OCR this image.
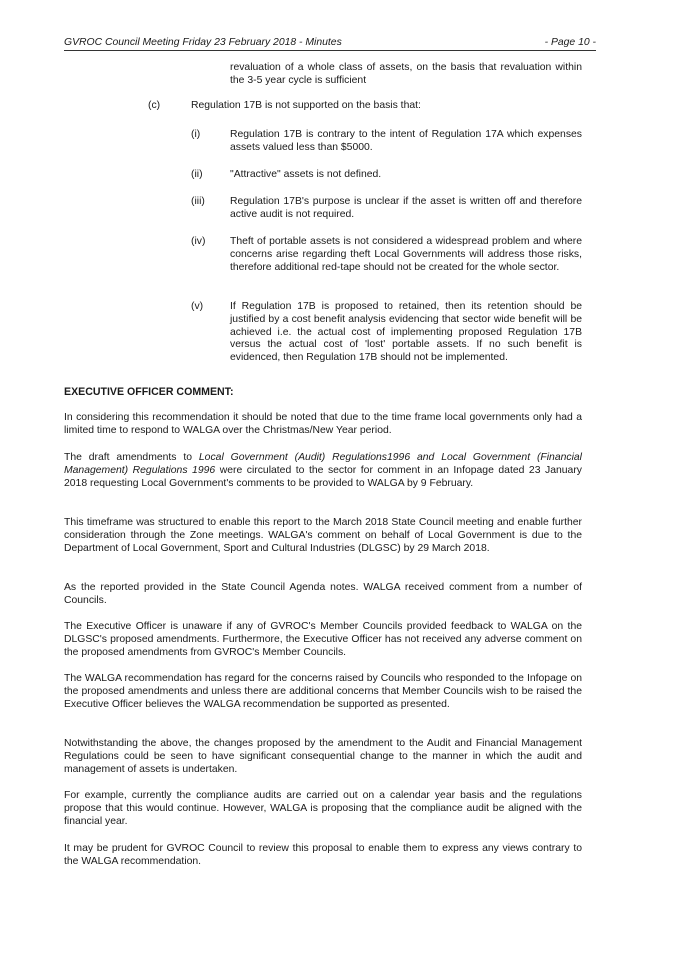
GVROC Council Meeting Friday 23 February 2018 - Minutes	- Page 10 -
revaluation of a whole class of assets, on the basis that revaluation within the 3-5 year cycle is sufficient
(c)	Regulation 17B is not supported on the basis that:
(i)	Regulation 17B is contrary to the intent of Regulation 17A which expenses assets valued less than $5000.
(ii)	"Attractive" assets is not defined.
(iii) Regulation 17B's purpose is unclear if the asset is written off and therefore active audit is not required.
(iv) Theft of portable assets is not considered a widespread problem and where concerns arise regarding theft Local Governments will address those risks, therefore additional red-tape should not be created for the whole sector.
(v)	If Regulation 17B is proposed to retained, then its retention should be justified by a cost benefit analysis evidencing that sector wide benefit will be achieved i.e. the actual cost of implementing proposed Regulation 17B versus the actual cost of 'lost' portable assets. If no such benefit is evidenced, then Regulation 17B should not be implemented.
EXECUTIVE OFFICER COMMENT:
In considering this recommendation it should be noted that due to the time frame local governments only had a limited time to respond to WALGA over the Christmas/New Year period.
The draft amendments to Local Government (Audit) Regulations1996 and Local Government (Financial Management) Regulations 1996 were circulated to the sector for comment in an Infopage dated 23 January 2018 requesting Local Government's comments to be provided to WALGA by 9 February.
This timeframe was structured to enable this report to the March 2018 State Council meeting and enable further consideration through the Zone meetings. WALGA's comment on behalf of Local Government is due to the Department of Local Government, Sport and Cultural Industries (DLGSC) by 29 March 2018.
As the reported provided in the State Council Agenda notes. WALGA received comment from a number of Councils.
The Executive Officer is unaware if any of GVROC's Member Councils provided feedback to WALGA on the DLGSC's proposed amendments. Furthermore, the Executive Officer has not received any adverse comment on the proposed amendments from GVROC's Member Councils.
The WALGA recommendation has regard for the concerns raised by Councils who responded to the Infopage on the proposed amendments and unless there are additional concerns that Member Councils wish to be raised the Executive Officer believes the WALGA recommendation be supported as presented.
Notwithstanding the above, the changes proposed by the amendment to the Audit and Financial Management Regulations could be seen to have significant consequential change to the manner in which the audit and management of assets is undertaken.
For example, currently the compliance audits are carried out on a calendar year basis and the regulations propose that this would continue. However, WALGA is proposing that the compliance audit be aligned with the financial year.
It may be prudent for GVROC Council to review this proposal to enable them to express any views contrary to the WALGA recommendation.
